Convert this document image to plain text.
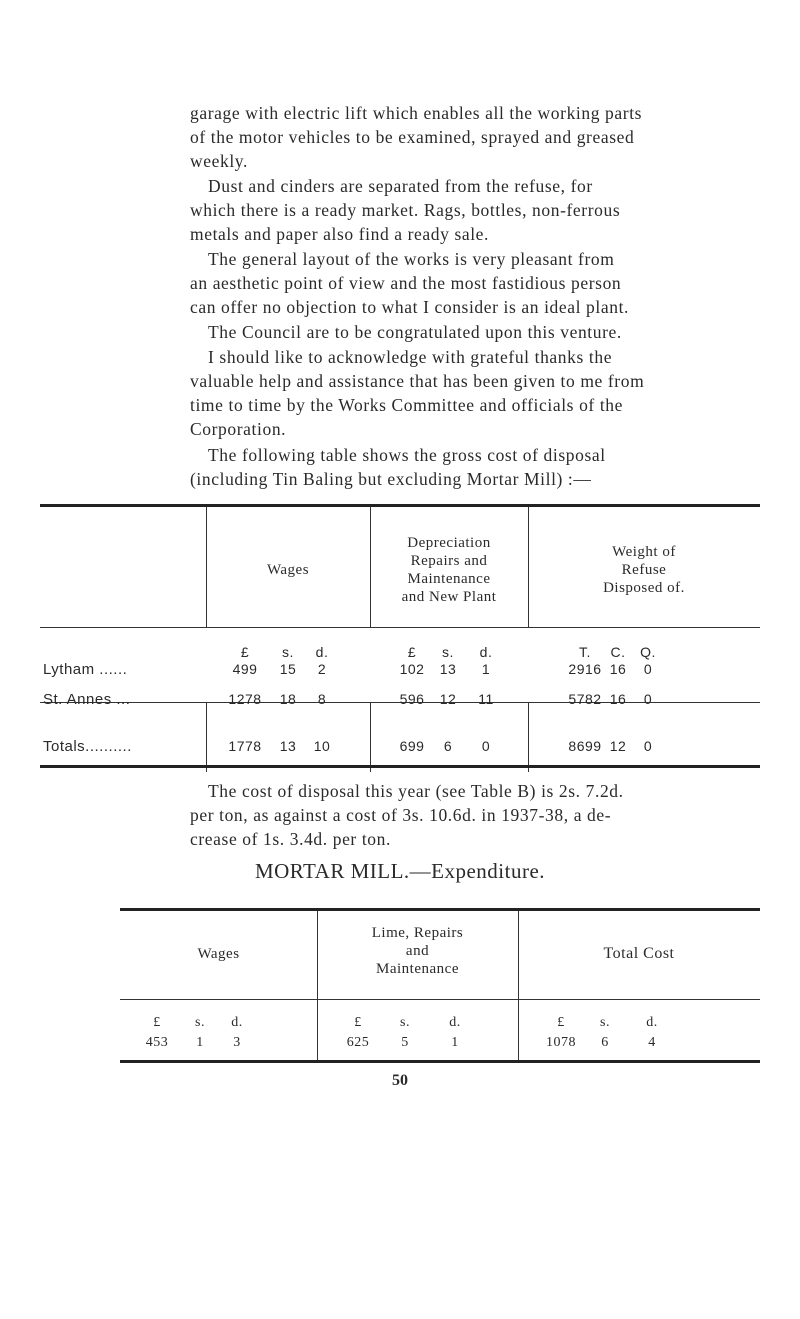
garage with electric lift which enables all the working parts
of the motor vehicles to be examined, sprayed and greased
weekly.
Dust and cinders are separated from the refuse, for
which there is a ready market. Rags, bottles, non-ferrous
metals and paper also find a ready sale.
The general layout of the works is very pleasant from
an aesthetic point of view and the most fastidious person
can offer no objection to what I consider is an ideal plant.
The Council are to be congratulated upon this venture.
I should like to acknowledge with grateful thanks the
valuable help and assistance that has been given to me from
time to time by the Works Committee and officials of the
Corporation.
The following table shows the gross cost of disposal
(including Tin Baling but excluding Mortar Mill) :—
MORTAR MILL.—Expenditure.
50
Wages
Depreciation
Repairs and
Maintenance
and New Plant
Weight of
Refuse
Disposed of.
£	s.	d.	£	s.	d.	T.	C.	Q.
Lytham ......	499	15	2	102	13	1	2916 16	0
St. Annes ...	1278	18	8	596	12	11	5782 16	0
Totals..........	1778	13	10	699	6	0	8699 12	0
The cost of disposal this year (see Table B) is 2s. 7.2d.
per ton, as against a cost of 3s. 10.6d. in 1937-38, a de-
crease of 1s. 3.4d. per ton.
Wages
Lime, Repairs
and
Maintenance
Total Cost
£	s.	d.	£	s.	d.	£	s.	d.
453	1	3	625	5	1	1078	6	4
